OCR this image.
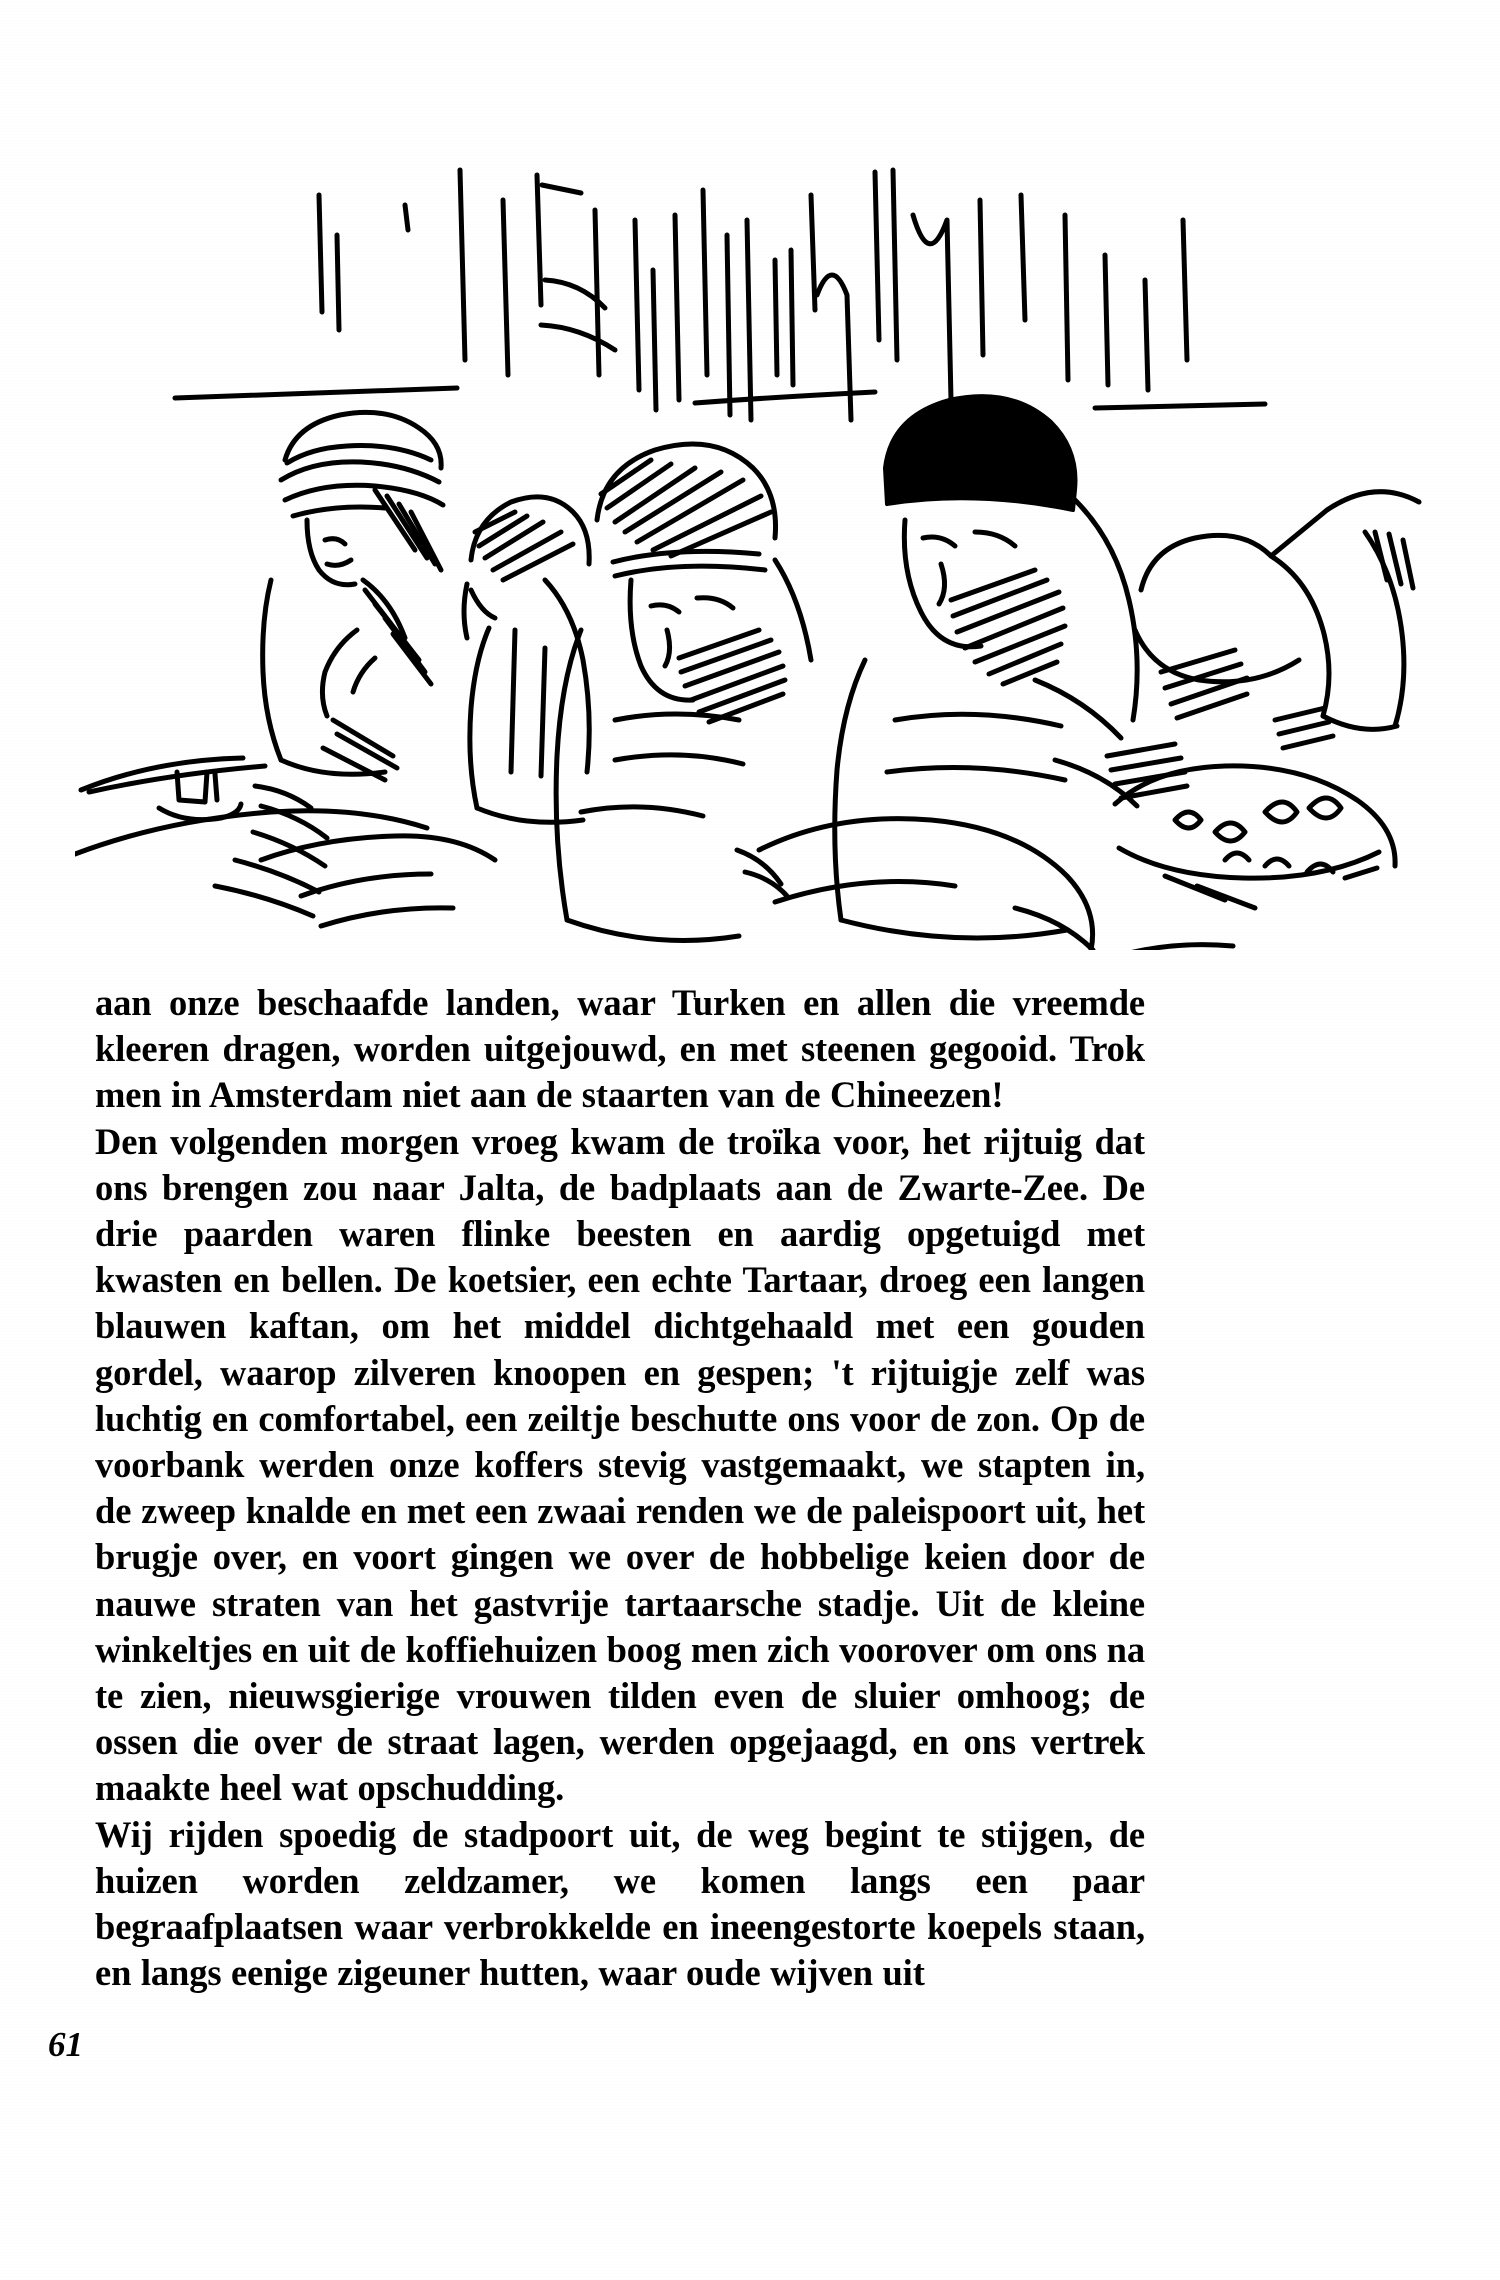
aan onze beschaafde landen, waar Turken en allen die vreemde kleeren dragen, worden uitgejouwd, en met steenen gegooid. Trok men in Amsterdam niet aan de staarten van de Chineezen!

Den volgenden morgen vroeg kwam de troïka voor, het rijtuig dat ons brengen zou naar Jalta, de badplaats aan de Zwarte-Zee. De drie paarden waren flinke beesten en aardig opgetuigd met kwasten en bellen. De koetsier, een echte Tartaar, droeg een langen blauwen kaftan, om het middel dichtgehaald met een gouden gordel, waarop zilveren knoopen en gespen; 't rijtuigje zelf was luchtig en comfortabel, een zeiltje beschutte ons voor de zon. Op de voorbank werden onze koffers stevig vastgemaakt, we stapten in, de zweep knalde en met een zwaai renden we de paleispoort uit, het brugje over, en voort gingen we over de hobbelige keien door de nauwe straten van het gastvrije tartaarsche stadje. Uit de kleine winkeltjes en uit de koffiehuizen boog men zich voorover om ons na te zien, nieuwsgierige vrouwen tilden even de sluier omhoog; de ossen die over de straat lagen, werden opgejaagd, en ons vertrek maakte heel wat opschudding.

Wij rijden spoedig de stadpoort uit, de weg begint te stijgen, de huizen worden zeldzamer, we komen langs een paar begraafplaatsen waar verbrokkelde en ineengestorte koepels staan, en langs eenige zigeuner hutten, waar oude wijven uit

61
